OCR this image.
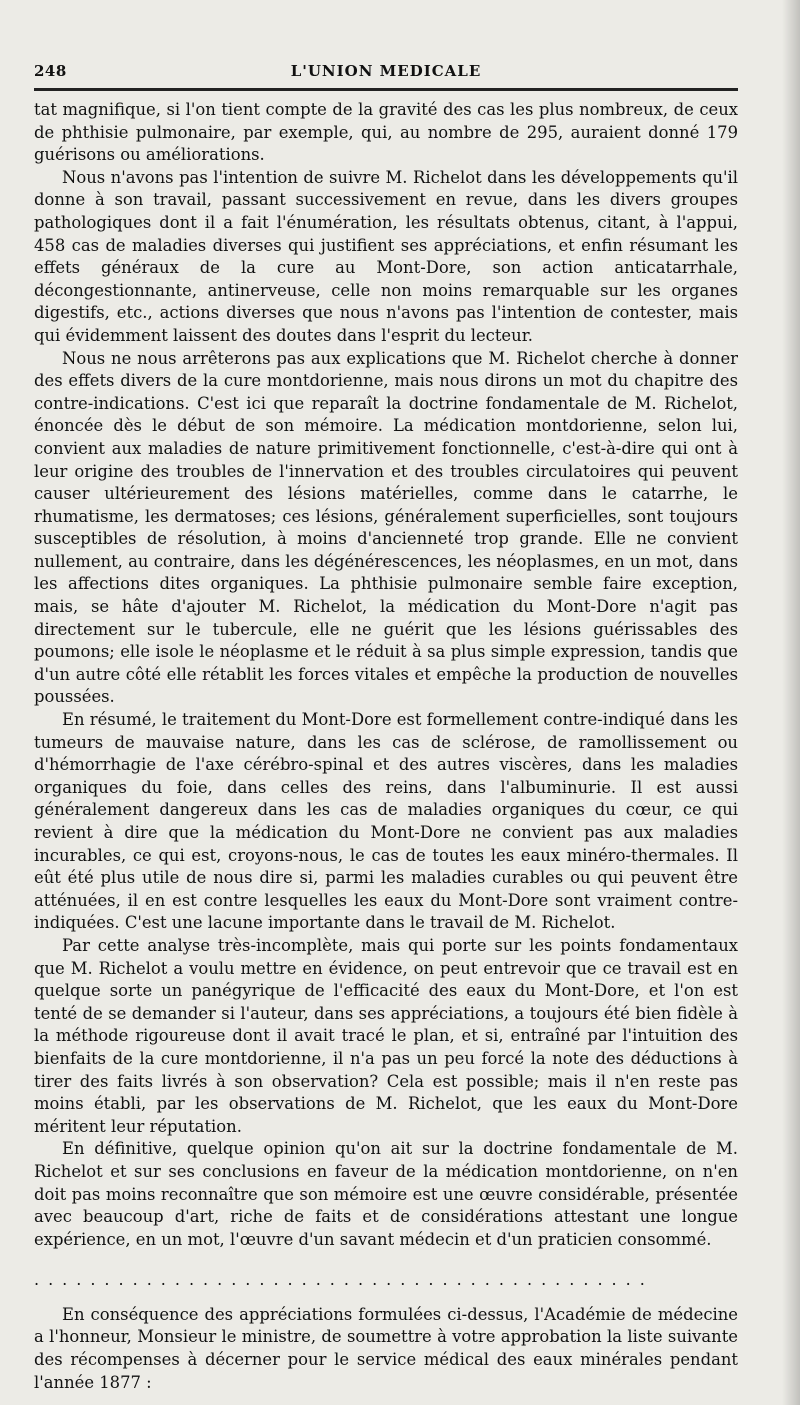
248	L'UNION MEDICALE

tat magnifique, si l'on tient compte de la gravité des cas les plus nombreux, de ceux de phthisie pulmonaire, par exemple, qui, au nombre de 295, auraient donné 179 guérisons ou améliorations.

Nous n'avons pas l'intention de suivre M. Richelot dans les développements qu'il donne à son travail, passant successivement en revue, dans les divers groupes pathologiques dont il a fait l'énumération, les résultats obtenus, citant, à l'appui, 458 cas de maladies diverses qui justifient ses appréciations, et enfin résumant les effets généraux de la cure au Mont-Dore, son action anticatarrhale, décongestionnante, antinerveuse, celle non moins remarquable sur les organes digestifs, etc., actions diverses que nous n'avons pas l'intention de contester, mais qui évidemment laissent des doutes dans l'esprit du lecteur.

Nous ne nous arrêterons pas aux explications que M. Richelot cherche à donner des effets divers de la cure montdorienne, mais nous dirons un mot du chapitre des contre-indications. C'est ici que reparaît la doctrine fondamentale de M. Richelot, énoncée dès le début de son mémoire. La médication montdorienne, selon lui, convient aux maladies de nature primitivement fonctionnelle, c'est-à-dire qui ont à leur origine des troubles de l'innervation et des troubles circulatoires qui peuvent causer ultérieurement des lésions matérielles, comme dans le catarrhe, le rhumatisme, les dermatoses; ces lésions, généralement superficielles, sont toujours susceptibles de résolution, à moins d'ancienneté trop grande. Elle ne convient nullement, au contraire, dans les dégénérescences, les néoplasmes, en un mot, dans les affections dites organiques. La phthisie pulmonaire semble faire exception, mais, se hâte d'ajouter M. Richelot, la médication du Mont-Dore n'agit pas directement sur le tubercule, elle ne guérit que les lésions guérissables des poumons; elle isole le néoplasme et le réduit à sa plus simple expression, tandis que d'un autre côté elle rétablit les forces vitales et empêche la production de nouvelles poussées.

En résumé, le traitement du Mont-Dore est formellement contre-indiqué dans les tumeurs de mauvaise nature, dans les cas de sclérose, de ramollissement ou d'hémorrhagie de l'axe cérébro-spinal et des autres viscères, dans les maladies organiques du foie, dans celles des reins, dans l'albuminurie. Il est aussi généralement dangereux dans les cas de maladies organiques du cœur, ce qui revient à dire que la médication du Mont-Dore ne convient pas aux maladies incurables, ce qui est, croyons-nous, le cas de toutes les eaux minéro-thermales. Il eût été plus utile de nous dire si, parmi les maladies curables ou qui peuvent être atténuées, il en est contre lesquelles les eaux du Mont-Dore sont vraiment contre-indiquées. C'est une lacune importante dans le travail de M. Richelot.

Par cette analyse très-incomplète, mais qui porte sur les points fondamentaux que M. Richelot a voulu mettre en évidence, on peut entrevoir que ce travail est en quelque sorte un panégyrique de l'efficacité des eaux du Mont-Dore, et l'on est tenté de se demander si l'auteur, dans ses appréciations, a toujours été bien fidèle à la méthode rigoureuse dont il avait tracé le plan, et si, entraîné par l'intuition des bienfaits de la cure montdorienne, il n'a pas un peu forcé la note des déductions à tirer des faits livrés à son observation? Cela est possible; mais il n'en reste pas moins établi, par les observations de M. Richelot, que les eaux du Mont-Dore méritent leur réputation.

En définitive, quelque opinion qu'on ait sur la doctrine fondamentale de M. Richelot et sur ses conclusions en faveur de la médication montdorienne, on n'en doit pas moins reconnaître que son mémoire est une œuvre considérable, présentée avec beaucoup d'art, riche de faits et de considérations attestant une longue expérience, en un mot, l'œuvre d'un savant médecin et d'un praticien consommé.

............................................

En conséquence des appréciations formulées ci-dessus, l'Académie de médecine a l'honneur, Monsieur le ministre, de soumettre à votre approbation la liste suivante des récompenses à décerner pour le service médical des eaux minérales pendant l'année 1877 :
